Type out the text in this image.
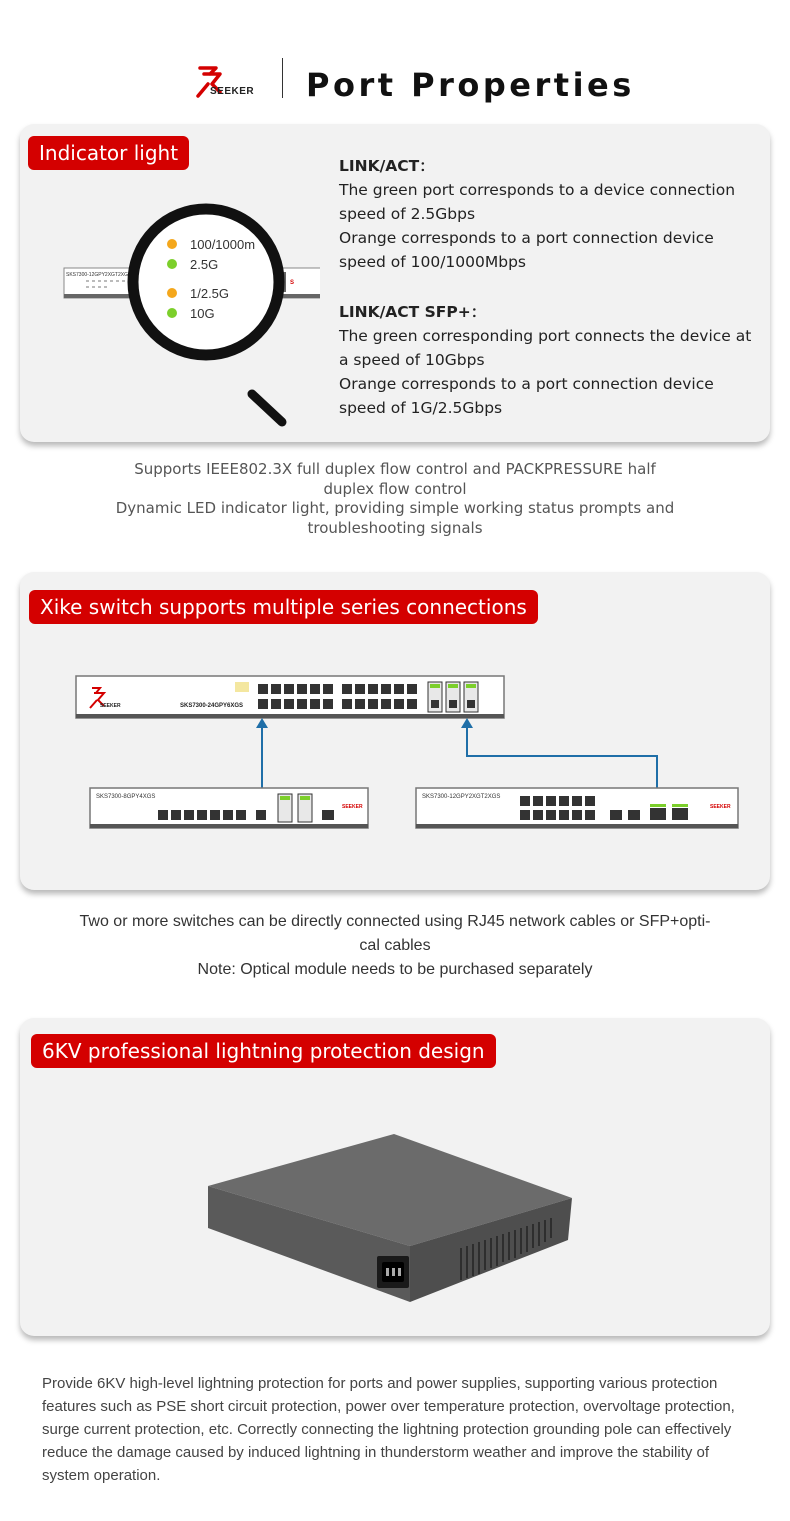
SEEKER Port Properties
Indicator light
SKS7300-12GPY2XGT2XGS
S
100/1000m
2.5G
1/2.5G
10G
LINK/ACT：
The green port corresponds to a device connection speed of 2.5Gbps
Orange corresponds to a port connection device speed of 100/1000Mbps
LINK/ACT SFP+：
The green corresponding port connects the device at a speed of 10Gbps
Orange corresponds to a port connection device speed of 1G/2.5Gbps
Supports IEEE802.3X full duplex flow control and PACKPRESSURE half
duplex flow control
Dynamic LED indicator light, providing simple working status prompts and
troubleshooting signals
Xike switch supports multiple series connections
SEEKER	SKS7300-24GPY6XGS
SKS7300-8GPY4XGS
SEEKER
SKS7300-12GPY2XGT2XGS
SEEKER
Two or more switches can be directly connected using RJ45 network cables or SFP+opti-
cal cables
Note: Optical module needs to be purchased separately
6KV professional lightning protection design
Provide 6KV high-level lightning protection for ports and power supplies, supporting various protection features such as PSE short circuit protection, power over temperature protection, overvoltage protection, surge current protection, etc. Correctly connecting the lightning protection grounding pole can effectively reduce the damage caused by induced lightning in thunderstorm weather and improve the stability of system operation.
